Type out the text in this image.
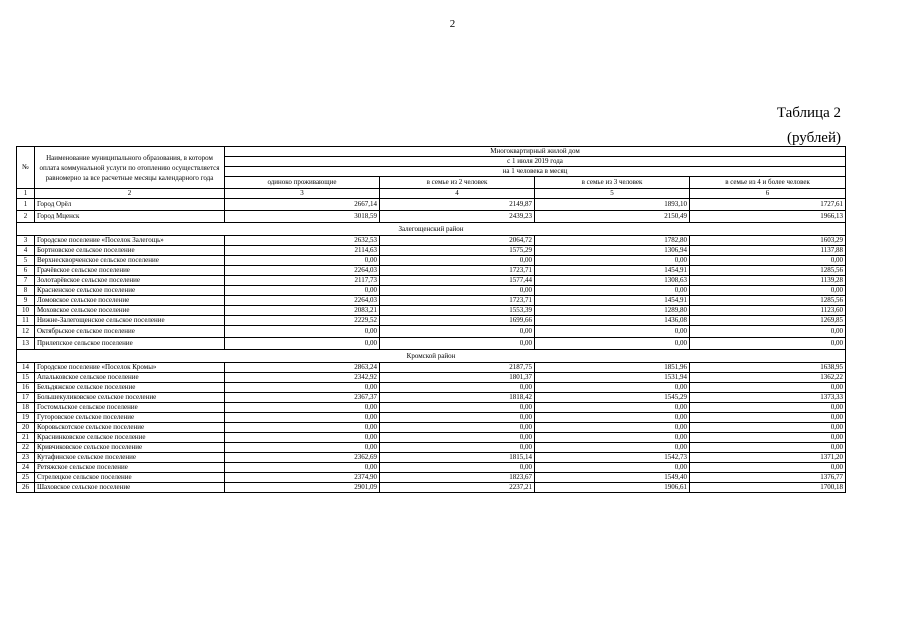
2
Таблица 2
(рублей)
№	Наименование муниципального образования, в котором оплата коммунальной услуги по отоплению осуществляется равномерно за все расчетные месяцы календарного года	Многоквартирный жилой дом			
		с 1 июля 2019 года			
		на 1 человека в месяц			
		одиноко проживающие	в семье из 2 человек	в семье из 3 человек	в семье из 4 и более человек
1	2	3	4	5	6
1	Город Орёл	2667,14	2149,87	1893,10	1727,61
2	Город Мценск	3018,59	2439,23	2150,49	1966,13
Залегощенский район					
3	Городское поселение «Поселок Залегощь»	2632,53	2064,72	1782,80	1603,29
4	Бортновское сельское поселение	2114,63	1575,29	1306,94	1137,88
5	Верхнескворченское сельское поселение	0,00	0,00	0,00	0,00
6	Грачёвское сельское поселение	2264,03	1723,71	1454,91	1285,56
7	Золотарёвское сельское поселение	2117,73	1577,44	1308,63	1139,28
8	Красненское сельское поселение	0,00	0,00	0,00	0,00
9	Ломовское сельское поселение	2264,03	1723,71	1454,91	1285,56
10	Моховское сельское поселение	2083,21	1553,39	1289,80	1123,60
11	Нижне-Залегощенское сельское поселение	2229,52	1699,66	1436,08	1269,85
12	Октябрьское сельское поселение	0,00	0,00	0,00	0,00
13	Прилепское сельское поселение	0,00	0,00	0,00	0,00
Кромской район					
14	Городское поселение «Поселок Кромы»	2863,24	2187,75	1851,96	1638,95
15	Апальковское сельское поселение	2342,92	1801,37	1531,94	1362,22
16	Бельдяжское сельское поселение	0,00	0,00	0,00	0,00
17	Большекуликовское сельское поселение	2367,37	1818,42	1545,29	1373,33
18	Гостомльское сельское поселение	0,00	0,00	0,00	0,00
19	Гуторовское сельское поселение	0,00	0,00	0,00	0,00
20	Коровьскотское сельское поселение	0,00	0,00	0,00	0,00
21	Краснинковское сельское поселение	0,00	0,00	0,00	0,00
22	Кривчиковское сельское поселение	0,00	0,00	0,00	0,00
23	Кутафинское сельское поселение	2362,69	1815,14	1542,73	1371,20
24	Ретяжское сельское поселение	0,00	0,00	0,00	0,00
25	Стрелецкое сельское поселение	2374,90	1823,67	1549,40	1376,77
26	Шаховское сельское поселение	2901,09	2237,21	1906,61	1700,18
